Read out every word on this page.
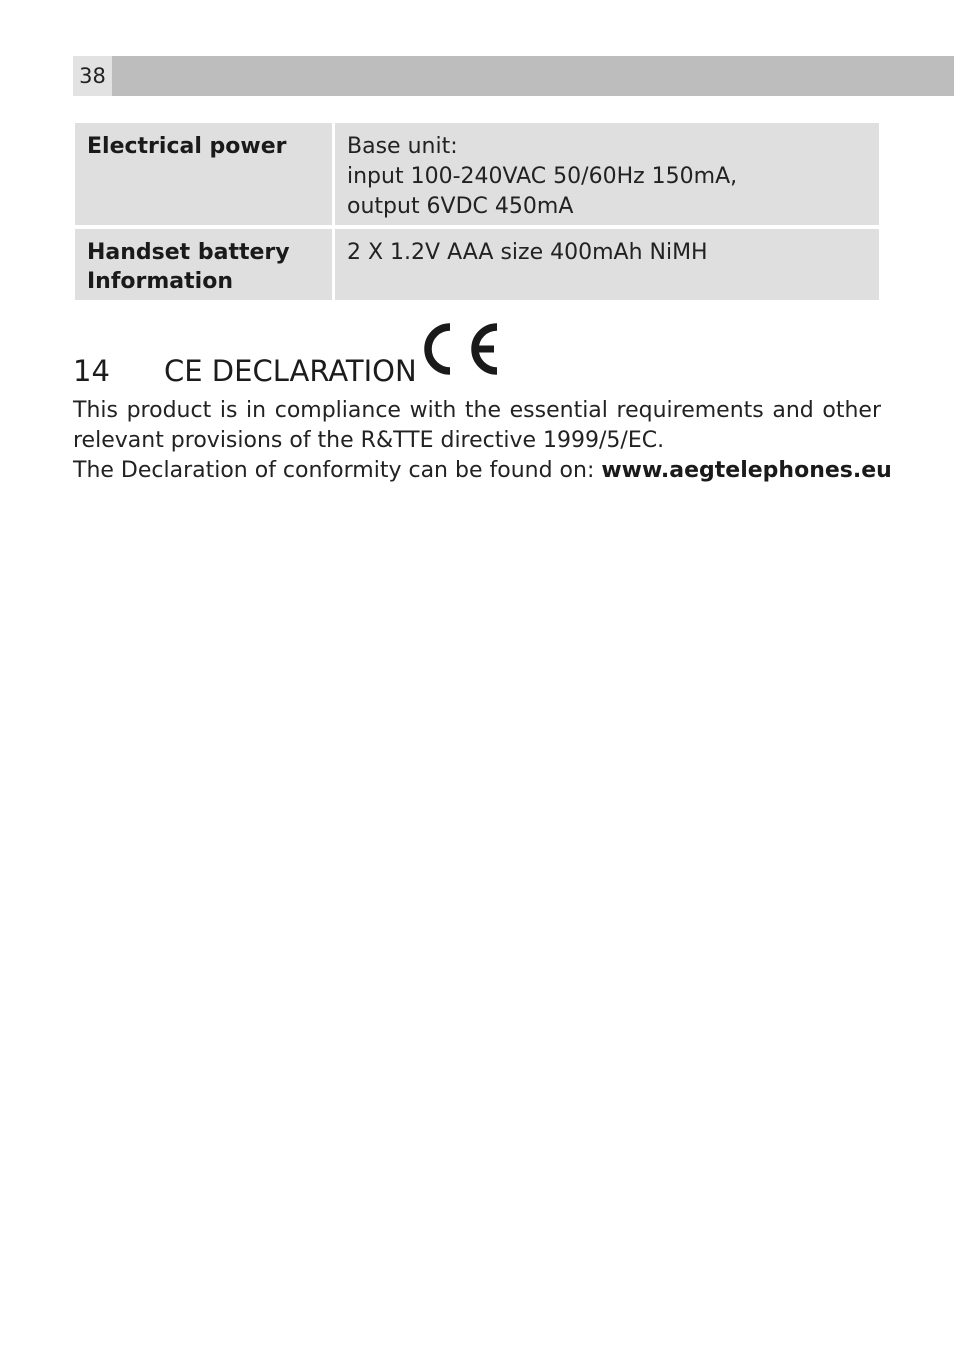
38
Electrical power	Base unit:
input 100-240VAC 50/60Hz 150mA,
output 6VDC 450mA
Handset battery
Information
2 X 1.2V AAA size 400mAh NiMH
14	CE DECLARATION
This product is in compliance with the essential requirements and other relevant provisions of the R&TTE directive 1999/5/EC.
The Declaration of conformity can be found on: www.aegtelephones.eu
